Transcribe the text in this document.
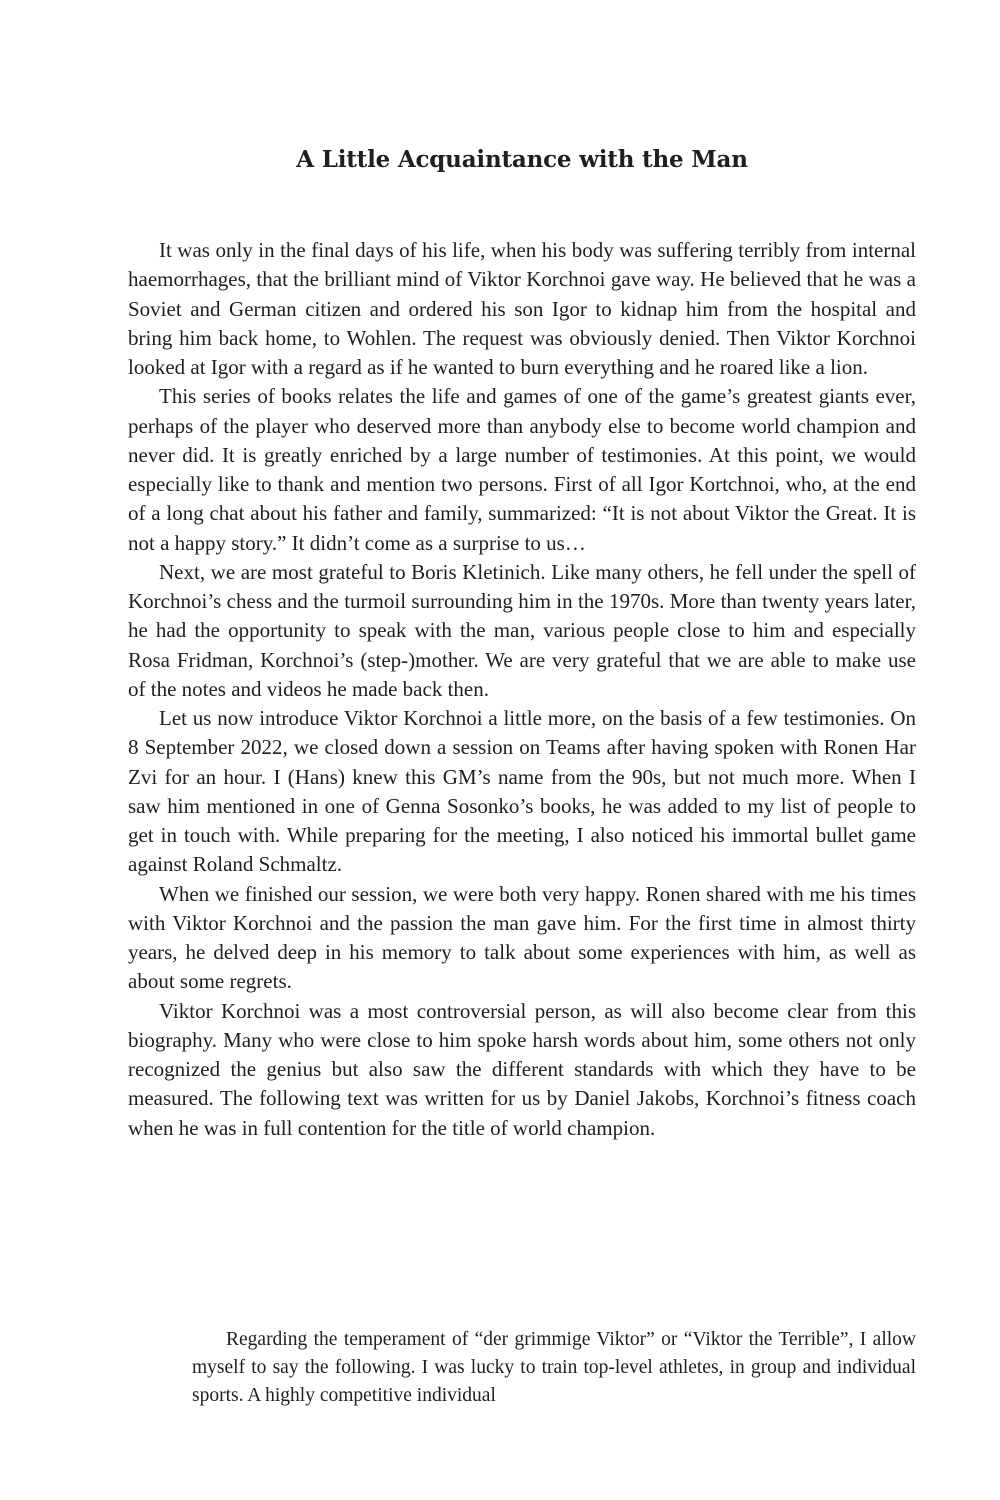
A Little Acquaintance with the Man

It was only in the final days of his life, when his body was suffering terribly from internal haemorrhages, that the brilliant mind of Viktor Korchnoi gave way. He believed that he was a Soviet and German citizen and ordered his son Igor to kidnap him from the hospital and bring him back home, to Wohlen. The request was obviously denied. Then Viktor Korchnoi looked at Igor with a regard as if he wanted to burn everything and he roared like a lion.

This series of books relates the life and games of one of the game’s greatest giants ever, perhaps of the player who deserved more than anybody else to become world champion and never did. It is greatly enriched by a large number of testimonies. At this point, we would especially like to thank and mention two persons. First of all Igor Kortchnoi, who, at the end of a long chat about his father and family, summarized: “It is not about Viktor the Great. It is not a happy story.” It didn’t come as a surprise to us…

Next, we are most grateful to Boris Kletinich. Like many others, he fell under the spell of Korchnoi’s chess and the turmoil surrounding him in the 1970s. More than twenty years later, he had the opportunity to speak with the man, various people close to him and especially Rosa Fridman, Korchnoi’s (step-)mother. We are very grateful that we are able to make use of the notes and videos he made back then.

Let us now introduce Viktor Korchnoi a little more, on the basis of a few testimonies. On 8 September 2022, we closed down a session on Teams after having spoken with Ronen Har Zvi for an hour. I (Hans) knew this GM’s name from the 90s, but not much more. When I saw him mentioned in one of Genna Sosonko’s books, he was added to my list of people to get in touch with. While preparing for the meeting, I also noticed his immortal bullet game against Roland Schmaltz.

When we finished our session, we were both very happy. Ronen shared with me his times with Viktor Korchnoi and the passion the man gave him. For the first time in almost thirty years, he delved deep in his memory to talk about some experiences with him, as well as about some regrets.

Viktor Korchnoi was a most controversial person, as will also become clear from this biography. Many who were close to him spoke harsh words about him, some others not only recognized the genius but also saw the different standards with which they have to be measured. The following text was written for us by Daniel Jakobs, Korchnoi’s fitness coach when he was in full contention for the title of world champion.

Regarding the temperament of “der grimmige Viktor” or “Viktor the Terrible”, I allow myself to say the following. I was lucky to train top-level athletes, in group and individual sports. A highly competitive individual
